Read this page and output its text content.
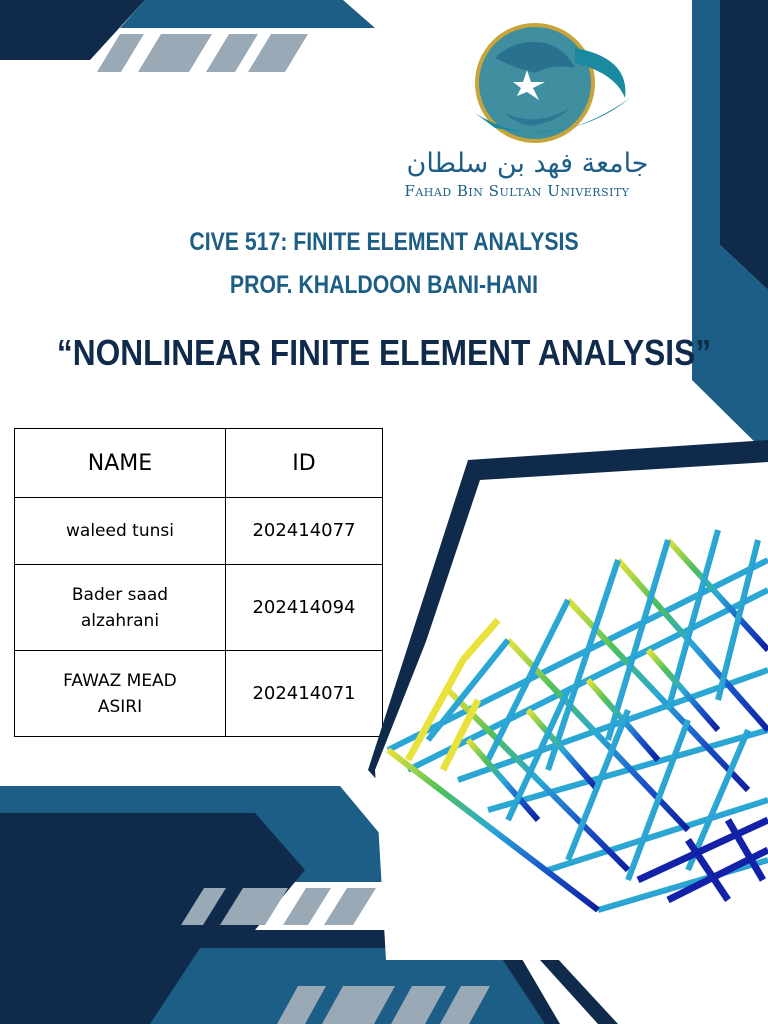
جامعة فهد بن سلطان
Fahad Bin Sultan University
CIVE 517: FINITE ELEMENT ANALYSIS
PROF. KHALDOON BANI-HANI
“NONLINEAR FINITE ELEMENT ANALYSIS”
NAME	ID
waleed tunsi	202414077
Bader saad
alzahrani	202414094
FAWAZ MEAD
ASIRI	202414071
